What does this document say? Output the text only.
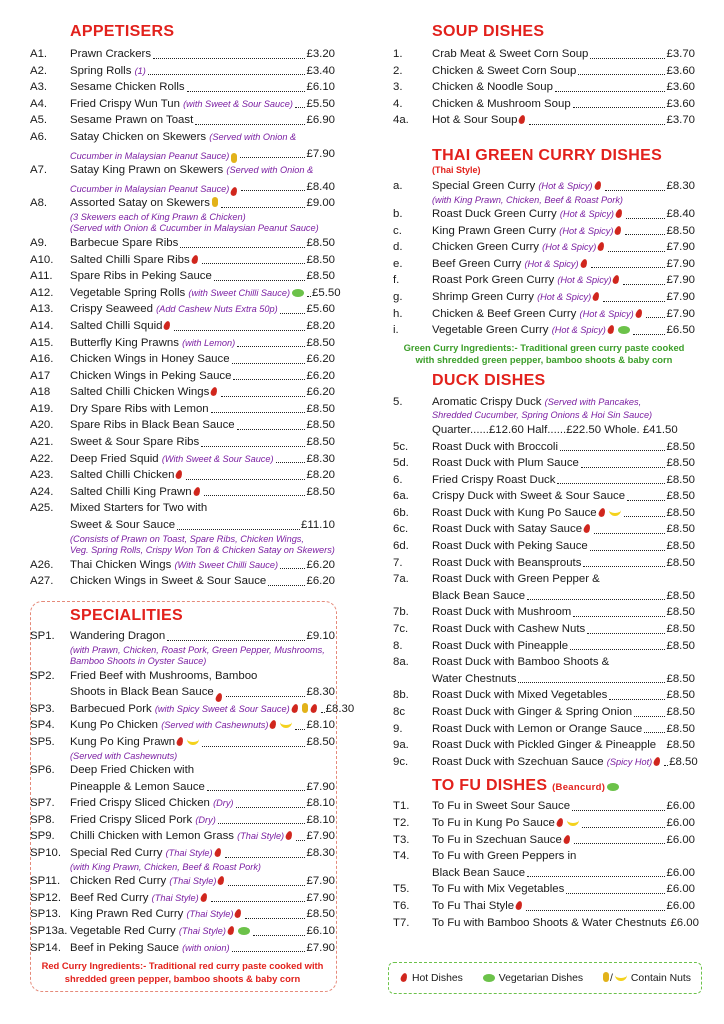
APPETISERS
A1.	Prawn Crackers	£3.20
A2.	Spring Rolls (1)	£3.40
A3.	Sesame Chicken Rolls	£6.10
A4.	Fried Crispy Wun Tun (with Sweet & Sour Sauce) £5.50
A5.	Sesame Prawn on Toast	£6.90
A6.	Satay Chicken on Skewers (Served with Onion &
Cucumber in Malaysian Peanut Sauce)	£7.90
A7.	Satay King Prawn on Skewers (Served with Onion &
Cucumber in Malaysian Peanut Sauce)	£8.40
A8.	Assorted Satay on Skewers	£9.00
(3 Skewers each of King Prawn & Chicken)
(Served with Onion & Cucumber in Malaysian Peanut Sauce)
A9.	Barbecue Spare Ribs	£8.50
A10.	Salted Chilli Spare Ribs	£8.50
A11.	Spare Ribs in Peking Sauce	£8.50
A12.	Vegetable Spring Rolls (with Sweet Chilli Sauce)	£5.50
A13.	Crispy Seaweed (Add Cashew Nuts Extra 50p)	£5.60
A14.	Salted Chilli Squid	£8.20
A15.	Butterfly King Prawns (with Lemon)	£8.50
A16.	Chicken Wings in Honey Sauce	£6.20
A17	Chicken Wings in Peking Sauce	£6.20
A18	Salted Chilli Chicken Wings	£6.20
A19.	Dry Spare Ribs with Lemon	£8.50
A20.	Spare Ribs in Black Bean Sauce	£8.50
A21.	Sweet & Sour Spare Ribs	£8.50
A22.	Deep Fried Squid (With Sweet & Sour Sauce)	£8.30
A23.	Salted Chilli Chicken	£8.20
A24.	Salted Chilli King Prawn	£8.50
A25.	Mixed Starters for Two with
Sweet & Sour Sauce	£11.10
(Consists of Prawn on Toast, Spare Ribs, Chicken Wings,
Veg. Spring Rolls, Crispy Won Ton & Chicken Satay on Skewers)
A26.	Thai Chicken Wings (With Sweet Chilli Sauce) £6.20
A27.	Chicken Wings in Sweet & Sour Sauce	£6.20
SPECIALITIES
SP1.	Wandering Dragon	£9.10
(with Prawn, Chicken, Roast Pork, Green Pepper, Mushrooms,
Bamboo Shoots in Oyster Sauce)
SP2.	Fried Beef with Mushrooms, Bamboo
Shoots in Black Bean Sauce	£8.30
SP3.	Barbecued Pork (with Spicy Sweet & Sour Sauce)	£8.30
SP4.	Kung Po Chicken (Served with Cashewnuts)	£8.10
SP5.	Kung Po King Prawn	£8.50
(Served with Cashewnuts)
SP6.	Deep Fried Chicken with
Pineapple & Lemon Sauce	£7.90
SP7.	Fried Crispy Sliced Chicken (Dry)	£8.10
SP8.	Fried Crispy Sliced Pork (Dry)	£8.10
SP9.	Chilli Chicken with Lemon Grass (Thai Style)	£7.90
SP10. Special Red Curry (Thai Style)	£8.30
(with King Prawn, Chicken, Beef & Roast Pork)
SP11. Chicken Red Curry (Thai Style)	£7.90
SP12. Beef Red Curry (Thai Style)	£7.90
SP13. King Prawn Red Curry (Thai Style)	£8.50
SP13a. Vegetable Red Curry (Thai Style)	£6.10
SP14. Beef in Peking Sauce (with onion)	£7.90
Red Curry Ingredients:- Traditional red curry paste cooked with shredded green pepper, bamboo shoots & baby corn
SOUP DISHES
1.	Crab Meat & Sweet Corn Soup	£3.70
2.	Chicken & Sweet Corn Soup	£3.60
3.	Chicken & Noodle Soup	£3.60
4.	Chicken & Mushroom Soup	£3.60
4a.	Hot & Sour Soup	£3.70
THAI GREEN CURRY DISHES
(Thai Style)
a.	Special Green Curry (Hot & Spicy)	£8.30
(with King Prawn, Chicken, Beef & Roast Pork)
b.	Roast Duck Green Curry (Hot & Spicy)	£8.40
c.	King Prawn Green Curry (Hot & Spicy)	£8.50
d.	Chicken Green Curry (Hot & Spicy)	£7.90
e.	Beef Green Curry (Hot & Spicy)	£7.90
f.	Roast Pork Green Curry (Hot & Spicy)	£7.90
g.	Shrimp Green Curry (Hot & Spicy)	£7.90
h.	Chicken & Beef Green Curry (Hot & Spicy)	£7.90
i.	Vegetable Green Curry (Hot & Spicy)	£6.50
Green Curry Ingredients:- Traditional green curry paste cooked with shredded green pepper, bamboo shoots & baby corn
DUCK DISHES
5.	Aromatic Crispy Duck (Served with Pancakes,
Shredded Cucumber, Spring Onions & Hoi Sin Sauce)
Quarter......£12.60 Half......£22.50 Whole. £41.50
5c.	Roast Duck with Broccoli	£8.50
5d.	Roast Duck with Plum Sauce	£8.50
6.	Fried Crispy Roast Duck	£8.50
6a.	Crispy Duck with Sweet & Sour Sauce	£8.50
6b.	Roast Duck with Kung Po Sauce	£8.50
6c.	Roast Duck with Satay Sauce	£8.50
6d.	Roast Duck with Peking Sauce	£8.50
7.	Roast Duck with Beansprouts	£8.50
7a.	Roast Duck with Green Pepper &
Black Bean Sauce	£8.50
7b.	Roast Duck with Mushroom	£8.50
7c.	Roast Duck with Cashew Nuts	£8.50
8.	Roast Duck with Pineapple	£8.50
8a.	Roast Duck with Bamboo Shoots &
Water Chestnuts	£8.50
8b.	Roast Duck with Mixed Vegetables	£8.50
8c	Roast Duck with Ginger & Spring Onion	£8.50
9.	Roast Duck with Lemon or Orange Sauce £8.50
9a.	Roast Duck with Pickled Ginger & Pineapple £8.50
9c.	Roast Duck with Szechuan Sauce (Spicy Hot)	£8.50
TO FU DISHES (Beancurd)
T1.	To Fu in Sweet Sour Sauce	£6.00
T2.	To Fu in Kung Po Sauce	£6.00
T3.	To Fu in Szechuan Sauce	£6.00
T4.	To Fu with Green Peppers in
Black Bean Sauce	£6.00
T5.	To Fu with Mix Vegetables	£6.00
T6.	To Fu Thai Style	£6.00
T7.	To Fu with Bamboo Shoots & Water Chestnuts £6.00
Hot Dishes	Vegetarian Dishes	/ Contain Nuts
